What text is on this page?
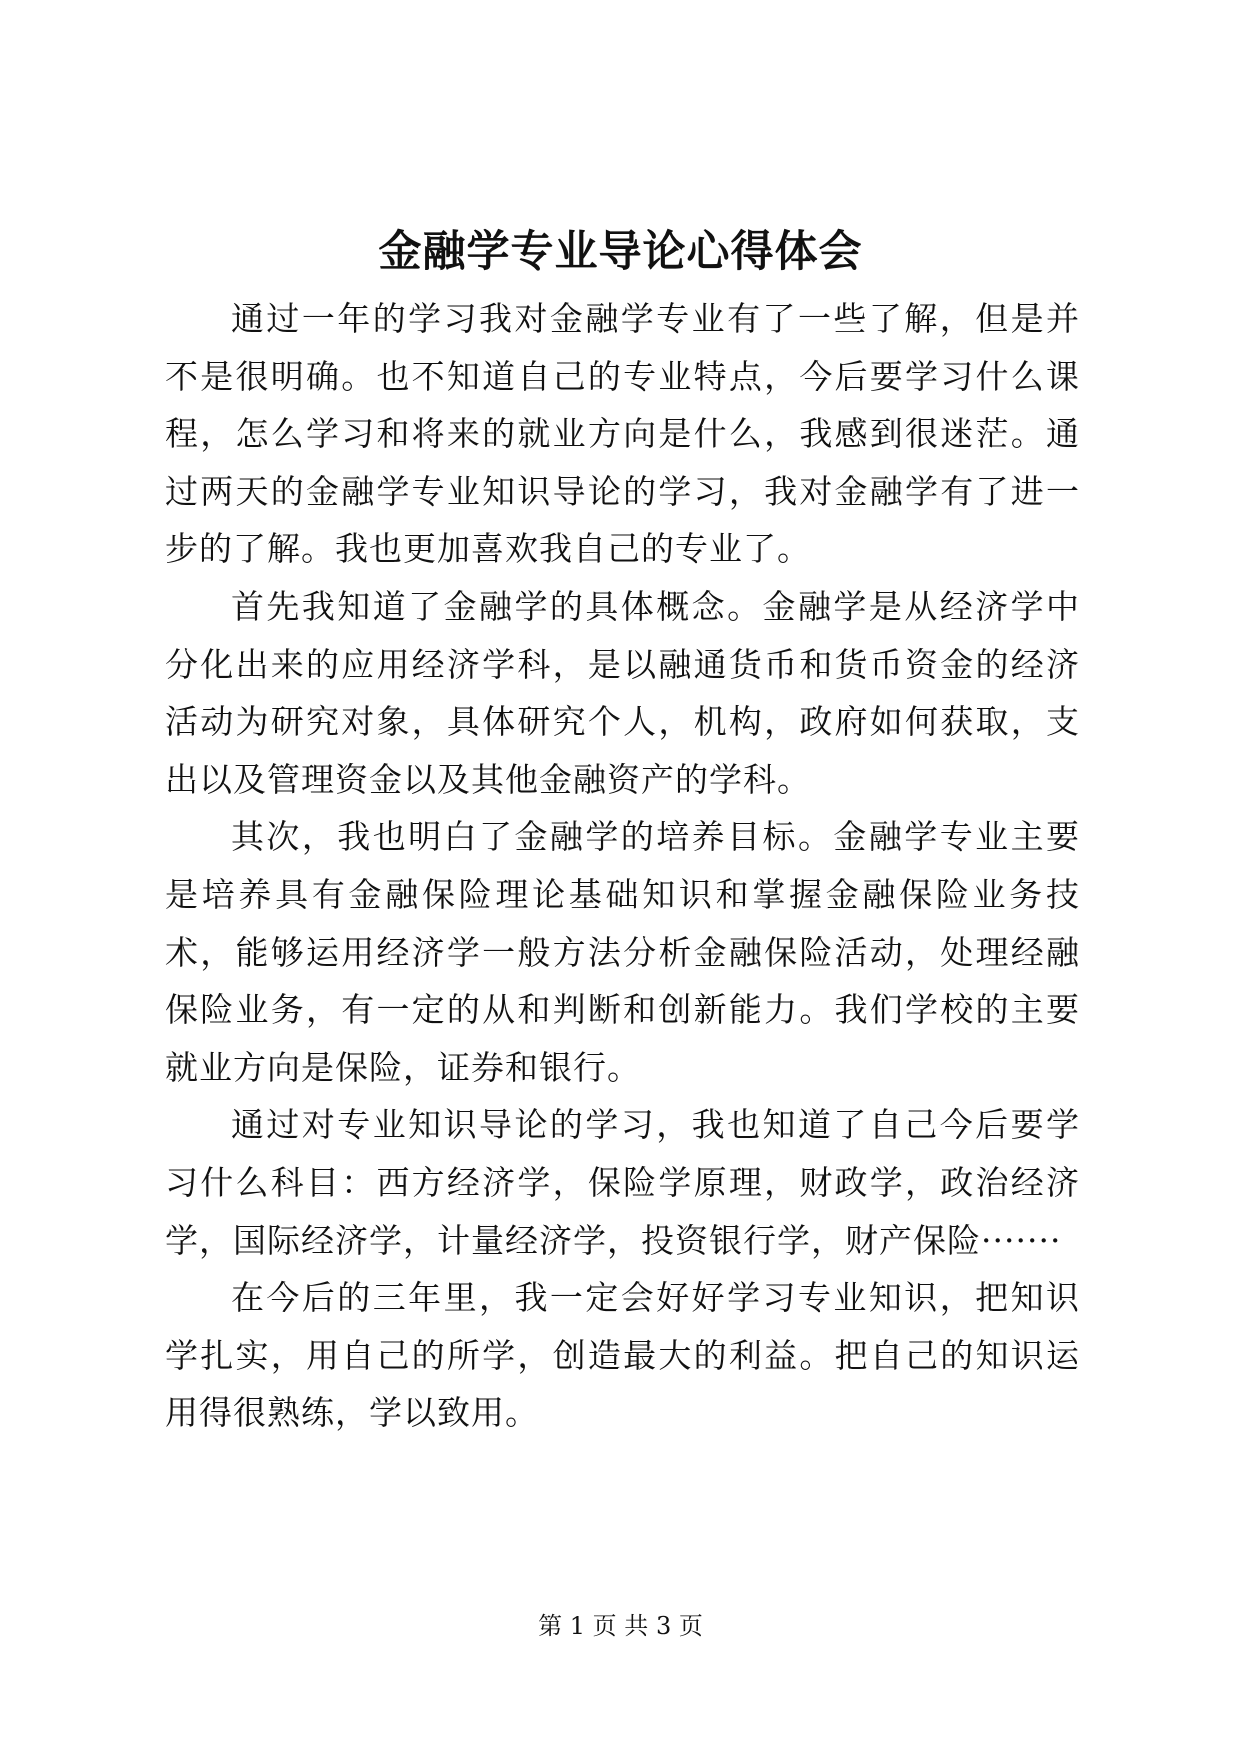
金融学专业导论心得体会

通过一年的学习我对金融学专业有了一些了解，但是并不是很明确。也不知道自己的专业特点，今后要学习什么课程，怎么学习和将来的就业方向是什么，我感到很迷茫。通过两天的金融学专业知识导论的学习，我对金融学有了进一步的了解。我也更加喜欢我自己的专业了。

首先我知道了金融学的具体概念。金融学是从经济学中分化出来的应用经济学科，是以融通货币和货币资金的经济活动为研究对象，具体研究个人，机构，政府如何获取，支出以及管理资金以及其他金融资产的学科。

其次，我也明白了金融学的培养目标。金融学专业主要是培养具有金融保险理论基础知识和掌握金融保险业务技术，能够运用经济学一般方法分析金融保险活动，处理经融保险业务，有一定的从和判断和创新能力。我们学校的主要就业方向是保险，证券和银行。

通过对专业知识导论的学习，我也知道了自己今后要学习什么科目：西方经济学，保险学原理，财政学，政治经济学，国际经济学，计量经济学，投资银行学，财产保险·······

在今后的三年里，我一定会好好学习专业知识，把知识学扎实，用自己的所学，创造最大的利益。把自己的知识运用得很熟练，学以致用。

第 1 页 共 3 页
